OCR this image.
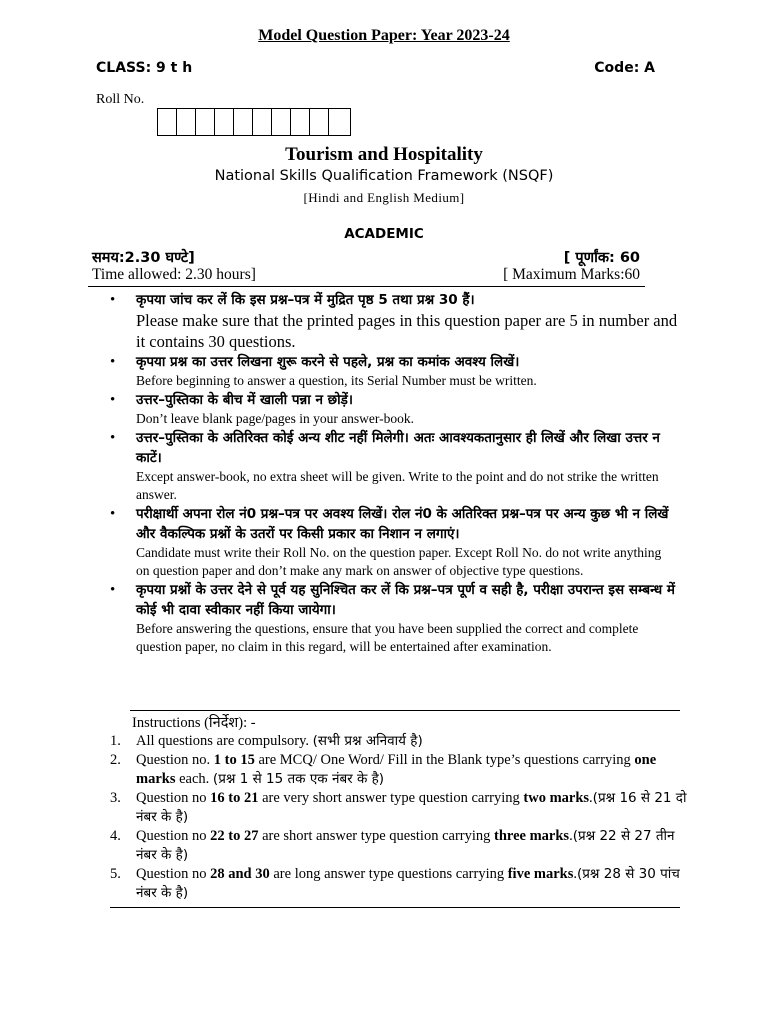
Model Question Paper: Year 2023-24
CLASS: 9 t h	Code: A
Roll No.
Tourism and Hospitality
National Skills Qualification Framework (NSQF)
[Hindi and English Medium]
ACADEMIC
समय:2.30 घण्टे]	[ पूर्णांक: 60
Time allowed: 2.30 hours]	[ Maximum Marks:60
• कृपया जांच कर लें कि इस प्रश्न–पत्र में मुद्रित पृष्ठ 5 तथा प्रश्न 30 हैं।
Please make sure that the printed pages in this question paper are 5 in number and it contains 30 questions.
• कृपया प्रश्न का उत्तर लिखना शुरू करने से पहले, प्रश्न का कमांक अवश्य लिखें।
Before beginning to answer a question, its Serial Number must be written.
• उत्तर–पुस्तिका के बीच में खाली पन्ना न छोड़ें।
Don’t leave blank page/pages in your answer-book.
• उत्तर–पुस्तिका के अतिरिक्त कोई अन्य शीट नहीं मिलेगी। अतः आवश्यकतानुसार ही लिखें और लिखा उत्तर न काटें।
Except answer-book, no extra sheet will be given. Write to the point and do not strike the written answer.
• परीक्षार्थी अपना रोल नं0 प्रश्न–पत्र पर अवश्य लिखें। रोल नं0 के अतिरिक्त प्रश्न–पत्र पर अन्य कुछ भी न लिखें और वैकल्पिक प्रश्नों के उतरों पर किसी प्रकार का निशान न लगाएं।
Candidate must write their Roll No. on the question paper. Except Roll No. do not write anything on question paper and don’t make any mark on answer of objective type questions.
• कृपया प्रश्नों के उत्तर देने से पूर्व यह सुनिश्चित कर लें कि प्रश्न–पत्र पूर्ण व सही है, परीक्षा उपरान्त इस सम्बन्ध में कोई भी दावा स्वीकार नहीं किया जायेगा।
Before answering the questions, ensure that you have been supplied the correct and complete question paper, no claim in this regard, will be entertained after examination.
Instructions (निर्देश): -
1. All questions are compulsory. (सभी प्रश्न अनिवार्य है)
2. Question no. 1 to 15 are MCQ/ One Word/ Fill in the Blank type’s questions carrying one marks each. (प्रश्न 1 से 15 तक एक नंबर के है)
3. Question no 16 to 21 are very short answer type question carrying two marks.(प्रश्न 16 से 21 दो नंबर के है)
4. Question no 22 to 27 are short answer type question carrying three marks.(प्रश्न 22 से 27 तीन नंबर के है)
5. Question no 28 and 30 are long answer type questions carrying five marks.(प्रश्न 28 से 30 पांच नंबर के है)
